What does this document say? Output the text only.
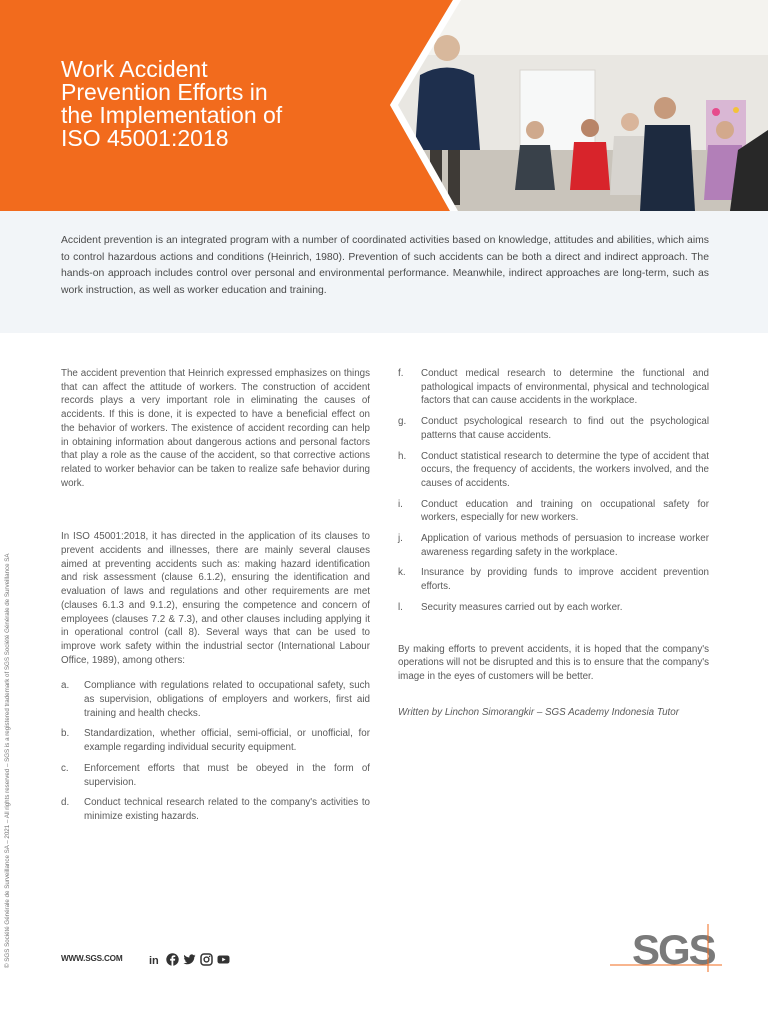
Work Accident
Prevention Efforts in
the Implementation of
ISO 45001:2018

Accident prevention is an integrated program with a number of coordinated activities based on knowledge, attitudes and abilities, which aims to control hazardous actions and conditions (Heinrich, 1980). Prevention of such accidents can be both a direct and indirect approach. The hands-on approach includes control over personal and environmental performance. Meanwhile, indirect approaches are long-term, such as work instruction, as well as worker education and training.

The accident prevention that Heinrich expressed emphasizes on things that can affect the attitude of workers. The construction of accident records plays a very important role in eliminating the causes of accidents. If this is done, it is expected to have a beneficial effect on the behavior of workers. The existence of accident recording can help in obtaining information about dangerous actions and personal factors that play a role as the cause of the accident, so that corrective actions related to worker behavior can be taken to realize safe behavior during work.

In ISO 45001:2018, it has directed in the application of its clauses to prevent accidents and illnesses, there are mainly several clauses aimed at preventing accidents such as: making hazard identification and risk assessment (clause 6.1.2), ensuring the identification and evaluation of laws and regulations and other requirements are met (clauses 6.1.3 and 9.1.2), ensuring the competence and concern of employees (clauses 7.2 & 7.3), and other clauses including applying it in operational control (call 8). Several ways that can be used to improve work safety within the industrial sector (International Labour Office, 1989), among others:

a. Compliance with regulations related to occupational safety, such as supervision, obligations of employers and workers, first aid training and health checks.
b. Standardization, whether official, semi-official, or unofficial, for example regarding individual security equipment.
c. Enforcement efforts that must be obeyed in the form of supervision.
d. Conduct technical research related to the company's activities to minimize existing hazards.
f. Conduct medical research to determine the functional and pathological impacts of environmental, physical and technological factors that can cause accidents in the workplace.
g. Conduct psychological research to find out the psychological patterns that cause accidents.
h. Conduct statistical research to determine the type of accident that occurs, the frequency of accidents, the workers involved, and the causes of accidents.
i. Conduct education and training on occupational safety for workers, especially for new workers.
j. Application of various methods of persuasion to increase worker awareness regarding safety in the workplace.
k. Insurance by providing funds to improve accident prevention efforts.
l. Security measures carried out by each worker.

By making efforts to prevent accidents, it is hoped that the company's operations will not be disrupted and this is to ensure that the company's image in the eyes of customers will be better.

Written by Linchon Simorangkir – SGS Academy Indonesia Tutor

© SGS Société Générale de Surveillance SA – 2021 – All rights reserved – SGS is a registered trademark of SGS Société Générale de Surveillance SA	WWW.SGS.COM in	SGS
